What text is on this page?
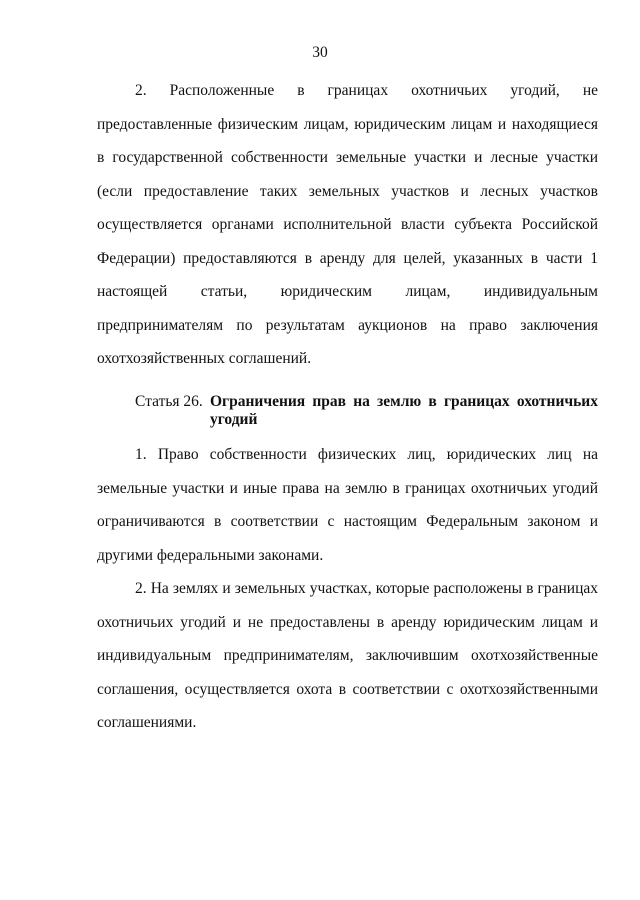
30

2. Расположенные в границах охотничьих угодий, не предоставленные физическим лицам, юридическим лицам и находящиеся в государственной собственности земельные участки и лесные участки (если предоставление таких земельных участков и лесных участков осуществляется органами исполнительной власти субъекта Российской Федерации) предоставляются в аренду для целей, указанных в части 1 настоящей статьи, юридическим лицам, индивидуальным предпринимателям по результатам аукционов на право заключения охотхозяйственных соглашений.

Статья 26. Ограничения прав на землю в границах охотничьих угодий

1. Право собственности физических лиц, юридических лиц на земельные участки и иные права на землю в границах охотничьих угодий ограничиваются в соответствии с настоящим Федеральным законом и другими федеральными законами.

2. На землях и земельных участках, которые расположены в границах охотничьих угодий и не предоставлены в аренду юридическим лицам и индивидуальным предпринимателям, заключившим охотхозяйственные соглашения, осуществляется охота в соответствии с охотхозяйственными соглашениями.
